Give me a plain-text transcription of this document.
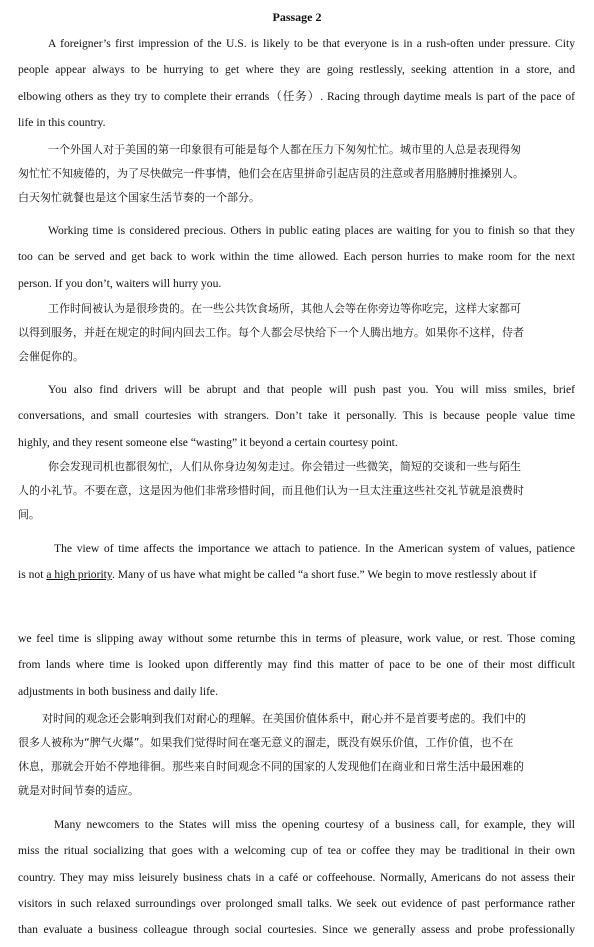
Passage 2
A foreigner’s first impression of the U.S. is likely to be that everyone is in a rush-often under pressure. City
people appear always to be hurrying to get where they are going restlessly, seeking attention in a store, and
elbowing others as they try to complete their errands（任务）. Racing through daytime meals is part of the pace of
life in this country.
一个外国人对于美国的第一印象很有可能是每个人都在压力下匆匆忙忙。城市里的人总是表现得匆
匆忙忙不知疲倦的，为了尽快做完一件事情，他们会在店里拼命引起店员的注意或者用胳膊肘推搡别人。
白天匆忙就餐也是这个国家生活节奏的一个部分。
Working time is considered precious. Others in public eating places are waiting for you to finish so that they
too can be served and get back to work within the time allowed. Each person hurries to make room for the next
person. If you don’t, waiters will hurry you.
工作时间被认为是很珍贵的。在一些公共饮食场所，其他人会等在你旁边等你吃完，这样大家都可
以得到服务，并赶在规定的时间内回去工作。每个人都会尽快给下一个人腾出地方。如果你不这样，侍者
会催促你的。
You also find drivers will be abrupt and that people will push past you. You will miss smiles, brief
conversations, and small courtesies with strangers. Don’t take it personally. This is because people value time
highly, and they resent someone else “wasting” it beyond a certain courtesy point.
你会发现司机也都很匆忙，人们从你身边匆匆走过。你会错过一些微笑，简短的交谈和一些与陌生
人的小礼节。不要在意，这是因为他们非常珍惜时间，而且他们认为一旦太注重这些社交礼节就是浪费时
间。
The view of time affects the importance we attach to patience. In the American system of values, patience
is not a high priority. Many of us have what might be called “a short fuse.” We begin to move restlessly about if
we feel time is slipping away without some returnbe this in terms of pleasure, work value, or rest. Those coming
from lands where time is looked upon differently may find this matter of pace to be one of their most difficult
adjustments in both business and daily life.
对时间的观念还会影响到我们对耐心的理解。在美国价值体系中，耐心并不是首要考虑的。我们中的
很多人被称为“脾气火爆”。如果我们觉得时间在毫无意义的溜走，既没有娱乐价值，工作价值，也不在
休息，那就会开始不停地徘徊。那些来自时间观念不同的国家的人发现他们在商业和日常生活中最困难的
就是对时间节奏的适应。
Many newcomers to the States will miss the opening courtesy of a business call, for example, they will
miss the ritual socializing that goes with a welcoming cup of tea or coffee they may be traditional in their own
country. They may miss leisurely business chats in a café or coffeehouse. Normally, Americans do not assess their
visitors in such relaxed surroundings over prolonged small talks. We seek out evidence of past performance rather
than evaluate a business colleague through social courtesies. Since we generally assess and probe professionally
